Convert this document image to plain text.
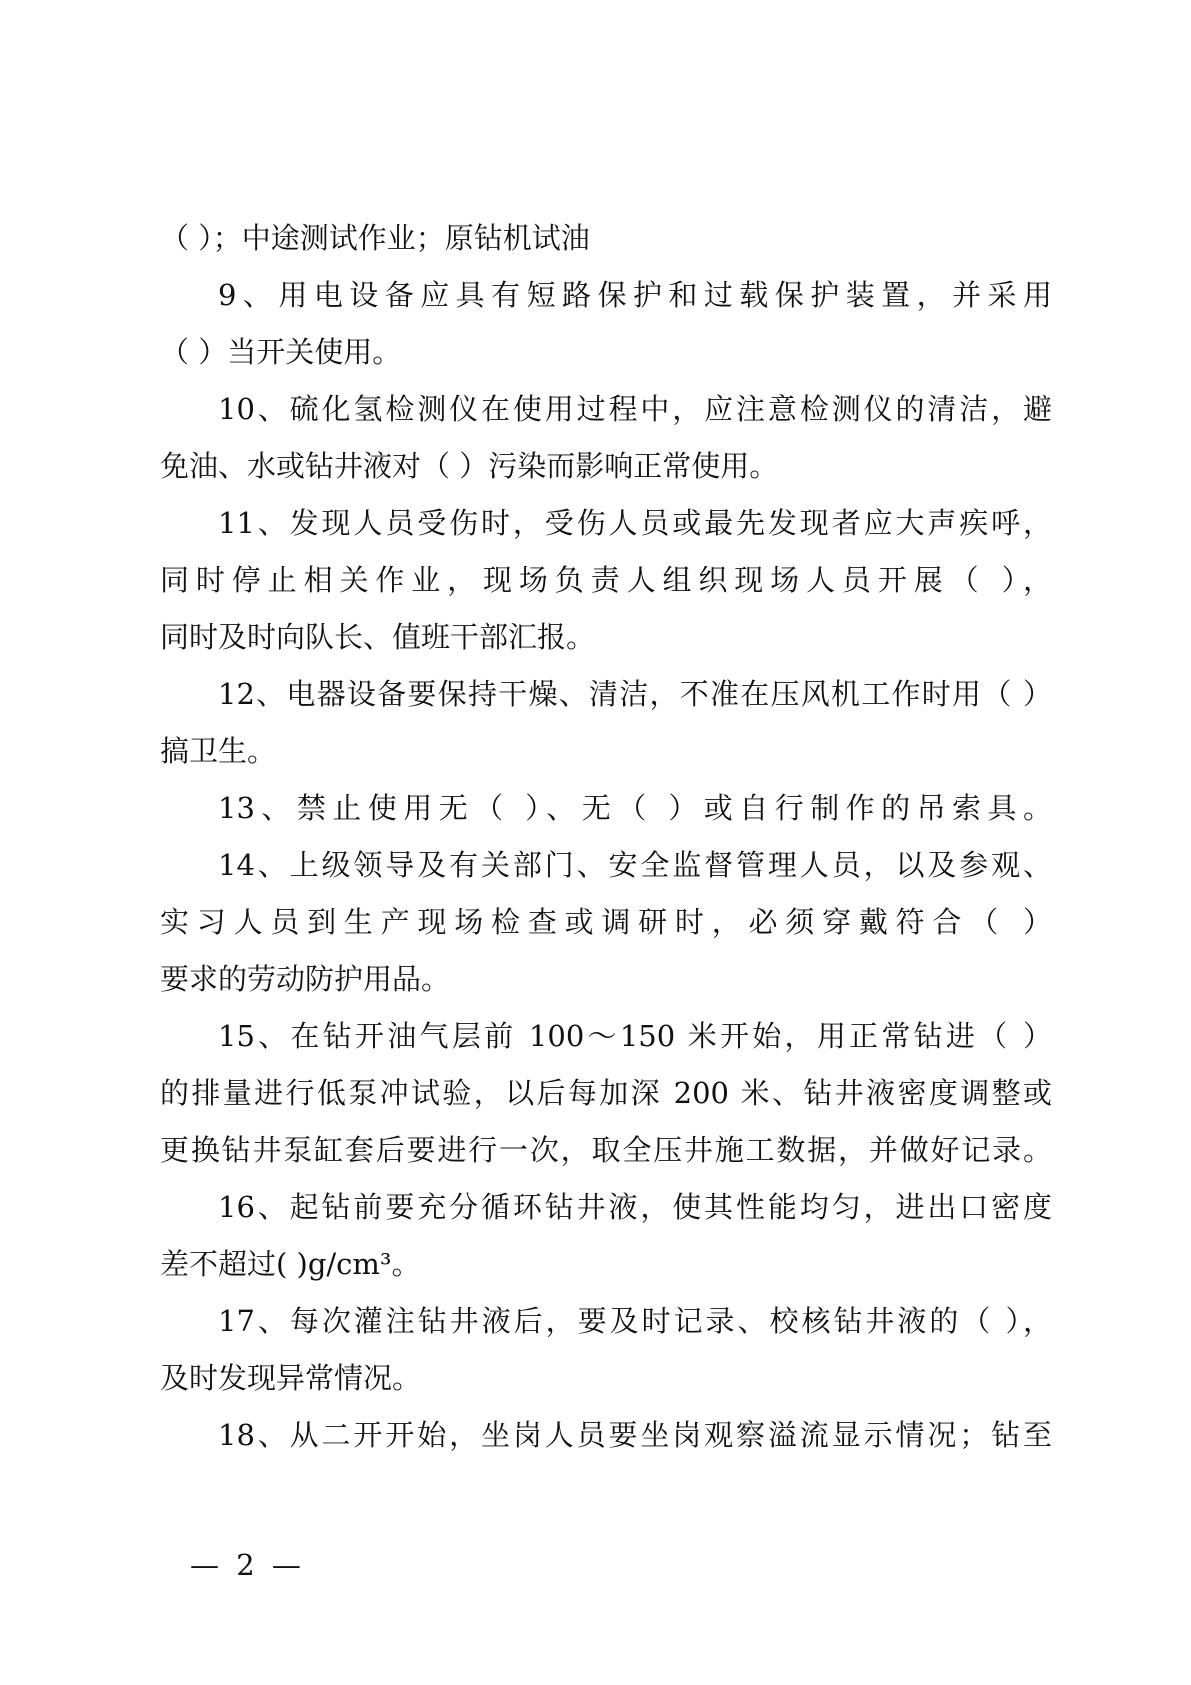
（ ）；中途测试作业；原钻机试油
9、用电设备应具有短路保护和过载保护装置，并采用
（ ）当开关使用。
10、硫化氢检测仪在使用过程中，应注意检测仪的清洁，避
免油、水或钻井液对（ ）污染而影响正常使用。
11、发现人员受伤时，受伤人员或最先发现者应大声疾呼，
同时停止相关作业，现场负责人组织现场人员开展（ ），
同时及时向队长、值班干部汇报。
12、电器设备要保持干燥、清洁，不准在压风机工作时用（ ）
搞卫生。
13、禁止使用无（ ）、无（ ）或自行制作的吊索具。
14、上级领导及有关部门、安全监督管理人员，以及参观、
实习人员到生产现场检查或调研时，必须穿戴符合（ ）
要求的劳动防护用品。
15、在钻开油气层前 100～150 米开始，用正常钻进（ ）
的排量进行低泵冲试验，以后每加深 200 米、钻井液密度调整或
更换钻井泵缸套后要进行一次，取全压井施工数据，并做好记录。
16、起钻前要充分循环钻井液，使其性能均匀，进出口密度
差不超过( )g/cm³。
17、每次灌注钻井液后，要及时记录、校核钻井液的（ ），
及时发现异常情况。
18、从二开开始，坐岗人员要坐岗观察溢流显示情况；钻至
— 2 —
